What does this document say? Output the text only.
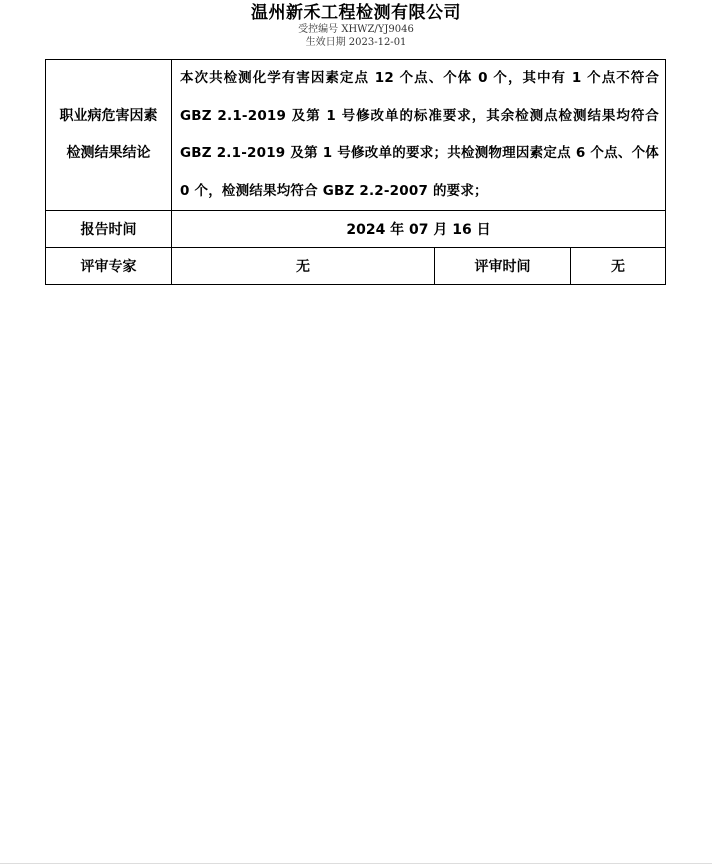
温州新禾工程检测有限公司
受控编号 XHWZ/YJ9046
生效日期 2023-12-01
职业病危害因素检测结果结论	本次共检测化学有害因素定点 12 个点、个体 0 个，其中有 1 个点不符合 GBZ 2.1-2019 及第 1 号修改单的标准要求，其余检测点检测结果均符合 GBZ 2.1-2019 及第 1 号修改单的要求；共检测物理因素定点 6 个点、个体 0 个，检测结果均符合 GBZ 2.2-2007 的要求；		
报告时间	2024 年 07 月 16 日		
评审专家	无	评审时间	无
